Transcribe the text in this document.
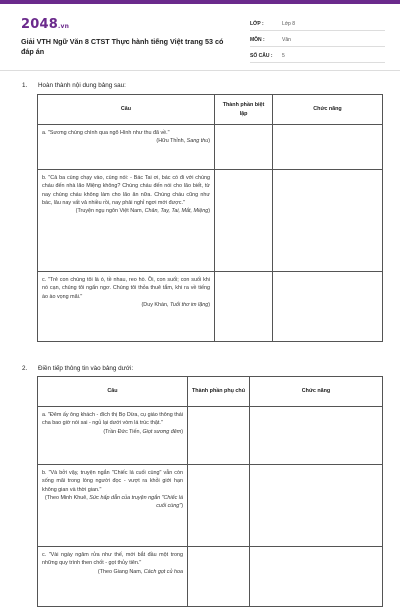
2048.vn
Giải VTH Ngữ Văn 8 CTST Thực hành tiếng Việt trang 53 có đáp án
LỚP :	Lớp 8
MÔN :	Văn
SỐ CÂU :	5
1. Hoàn thành nội dung bảng sau:
Câu	Thành phần biệt lập	Chức năng

a. "Sương chùng chình qua ngõ Hình như thu đã về."
(Hữu Thỉnh, Sang thu)		

b. "Cả ba cùng chạy vào, cùng nói: - Bác Tai ơi, bác có đi với chúng cháu đến nhà lão Miệng không? Chúng cháu đến nói cho lão biết, từ nay chúng cháu không làm cho lão ăn nữa. Chúng cháu cũng như bác, lâu nay vất vả nhiều rồi, nay phải nghỉ ngơi mới được."
(Truyện ngụ ngôn Việt Nam, Chân, Tay, Tai, Mắt, Miệng)		

c. "Trẻ con chúng tôi là ó, tề nhau, reo hò. Ồi, con suối; con suối khi nó cạn, chúng tôi ngẩn ngơ. Chúng tôi thỏa thuê tắm, khi ra về tiếng ào ào vọng mãi."
(Duy Khán, Tuổi thơ im lặng)		

2. Điền tiếp thông tin vào bảng dưới:
Câu	Thành phần phụ chú	Chức năng

a. "Đêm ấy ông khách - đích thị Bọ Dừa, cụ giáo thông thái cha bao giờ nói sai - ngủ lại dưới vòm lá trúc thật."
(Trần Đức Tiến, Giọt sương đêm)		

b. "Và bởi vậy, truyện ngắn "Chiếc lá cuối cùng" vẫn còn sống mãi trong lòng người đọc - vượt ra khỏi giới hạn không gian và thời gian."
(Theo Minh Khuê, Sức hấp dẫn của truyện ngắn "Chiếc lá cuối cùng")		

c. "Vài ngày ngâm rửa như thế, mới bắt đầu một trong những quy trình then chốt - gọt thủy tiên."
(Theo Giang Nam, Cách gọt củ hoa		
